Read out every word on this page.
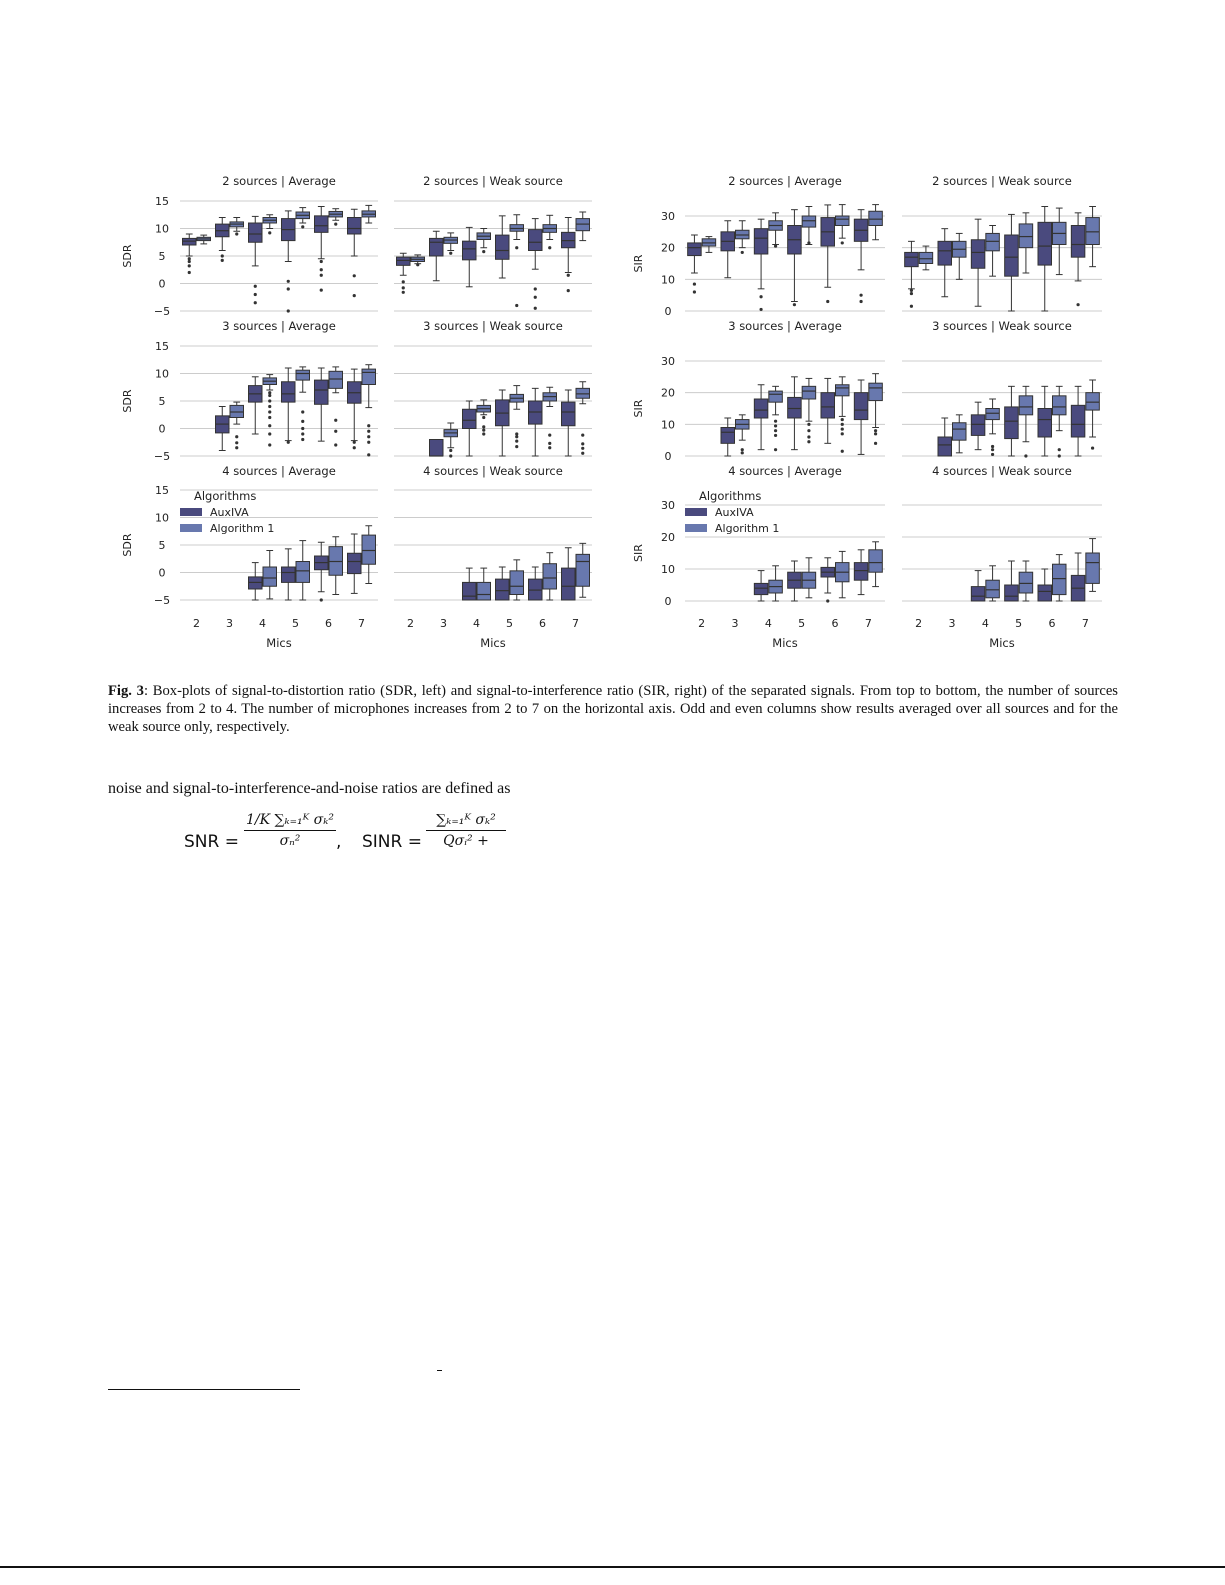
−5
0
5
10
15
SDR
2 sources | Average	2 sources | Weak source
−5
0
5
10
15
SDR
3 sources | Average	3 sources | Weak source
−5
0
5
10
15
SDR
4 sources | Average
2 3 4 5 6 7
Mics
Algorithms
AuxIVA
Algorithm 1
4 sources | Weak source
2 3 4 5 6 7
Mics
0
10
20
30
SIR
2 sources | Average	2 sources | Weak source
0
10
20
30
SIR
3 sources | Average	3 sources | Weak source
0
10
20
30
SIR
4 sources | Average
2 3 4 5 6 7
Mics
Algorithms
AuxIVA
Algorithm 1
4 sources | Weak source
2 3 4 5 6 7
Mics
Fig. 3: Box-plots of signal-to-distortion ratio (SDR, left) and signal-to-interference ratio (SIR, right) of the separated signals. From top to bottom, the number of sources increases from 2 to 4. The number of microphones increases from 2 to 7 on the horizontal axis. Odd and even columns show results averaged over all sources and for the weak source only, respectively.
noise and signal-to-interference-and-noise ratios are defined as
SNR =
1/K ∑ₖ₌₁ᴷ σₖ²
σₙ²	, SINR =
∑ₖ₌₁ᴷ σₖ²
Qσᵢ² +
